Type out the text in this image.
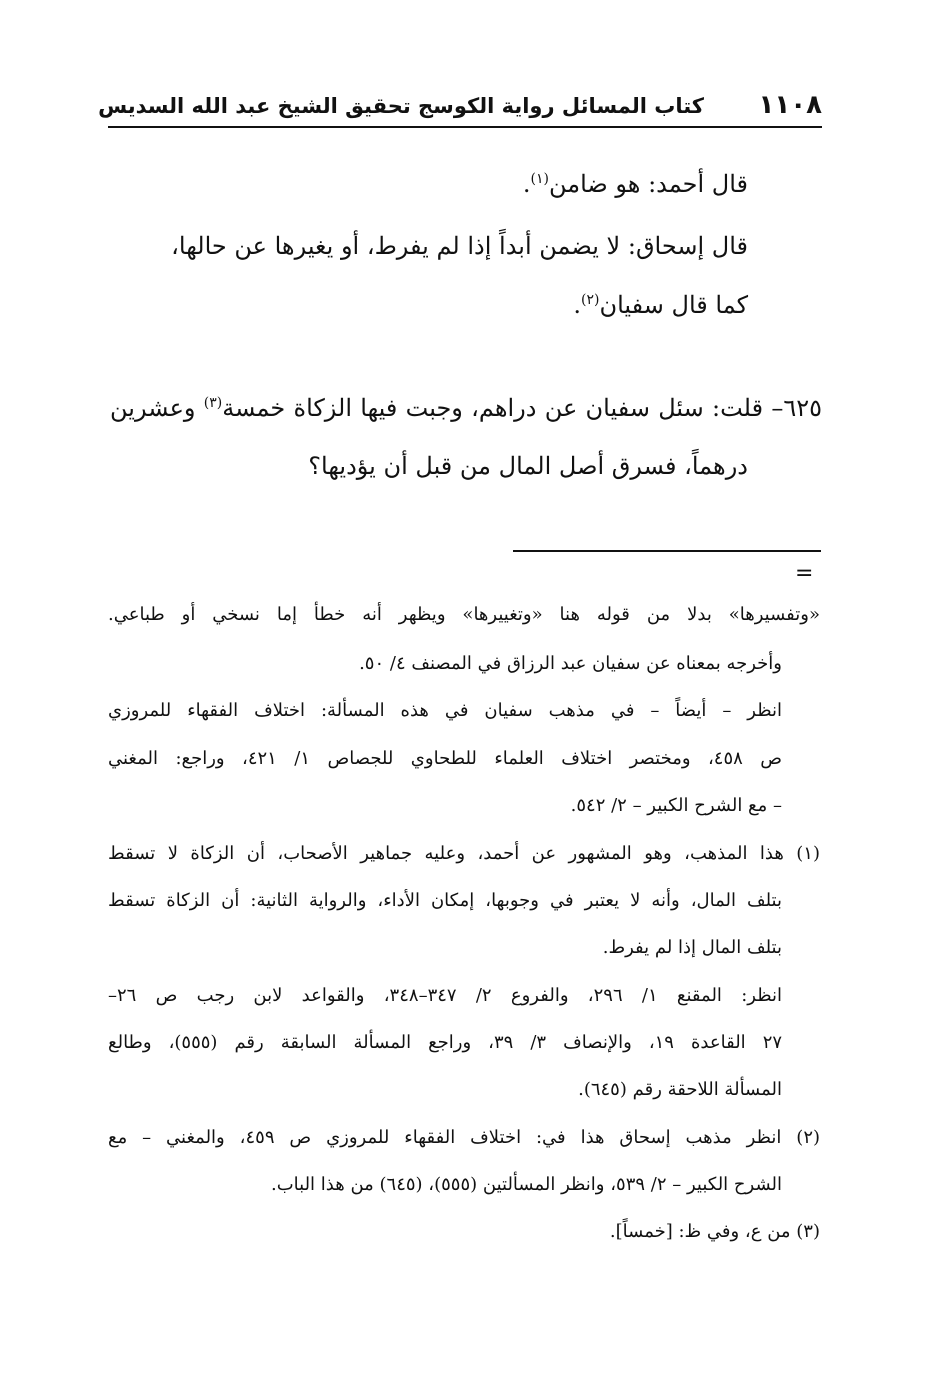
١١٠٨
كتاب المسائل رواية الكوسج تحقيق الشيخ عبد الله السديس
قال أحمد: هو ضامن$^{(١)}$.
قال إسحاق: لا يضمن أبداً إذا لم يفرط، أو يغيرها عن حالها،
كما قال سفيان$^{(٢)}$.
٦٢٥– قلت: سئل سفيان عن دراهم، وجبت فيها الزكاة خمسة$^{(٣)}$ وعشرين
درهماً، فسرق أصل المال من قبل أن يؤديها؟
=
«وتفسيرها» بدلا من قوله هنا «وتغييرها» ويظهر أنه خطأ إما نسخي أو طباعي.
وأخرجه بمعناه عن سفيان عبد الرزاق في المصنف ٤/ ٥٠.
انظر – أيضاً – في مذهب سفيان في هذه المسألة: اختلاف الفقهاء للمروزي
ص ٤٥٨، ومختصر اختلاف العلماء للطحاوي للجصاص ١/ ٤٢١، وراجع: المغني
– مع الشرح الكبير – ٢/ ٥٤٢.
(١) هذا المذهب، وهو المشهور عن أحمد، وعليه جماهير الأصحاب، أن الزكاة لا تسقط
بتلف المال، وأنه لا يعتبر في وجوبها، إمكان الأداء، والرواية الثانية: أن الزكاة تسقط
بتلف المال إذا لم يفرط.
انظر: المقنع ١/ ٢٩٦، والفروع ٢/ ٣٤٧–٣٤٨، والقواعد لابن رجب ص ٢٦–
٢٧ القاعدة ١٩، والإنصاف ٣/ ٣٩، وراجع المسألة السابقة رقم (٥٥٥)، وطالع
المسألة اللاحقة رقم (٦٤٥).
(٢) انظر مذهب إسحاق هذا في: اختلاف الفقهاء للمروزي ص ٤٥٩، والمغني – مع
الشرح الكبير – ٢/ ٥٣٩، وانظر المسألتين (٥٥٥)، (٦٤٥) من هذا الباب.
(٣) من ع، وفي ظ: [خمساً].
